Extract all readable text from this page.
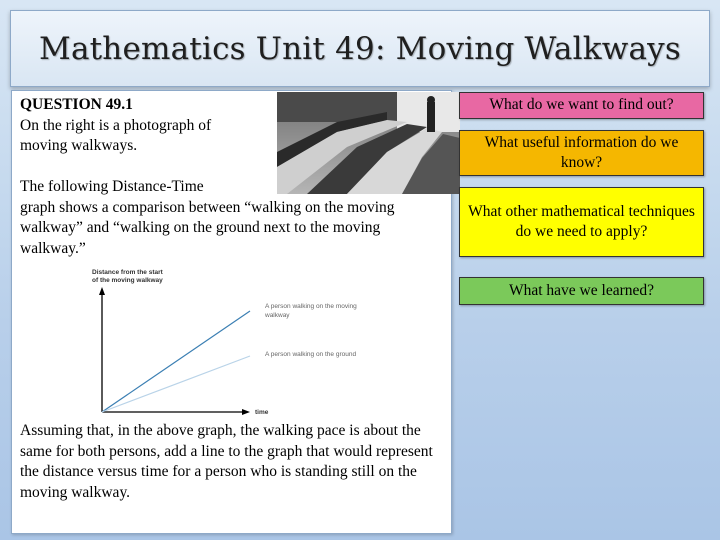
Mathematics Unit 49: Moving Walkways
QUESTION 49.1
On the right is a photograph of
moving walkways.
The following Distance-Time
graph shows a comparison between “walking on the moving walkway” and “walking on the ground next to the moving walkway.”
Distance from the start
of the moving walkway
time
A person walking on the moving
walkway
A person walking on the ground
Assuming that, in the above graph, the walking pace is about the same for both persons, add a line to the graph that would represent the distance versus time for a person who is standing still on the moving walkway.
What do we want to find out?
What useful information do we know?
What other mathematical techniques do we need to apply?
What have we learned?
